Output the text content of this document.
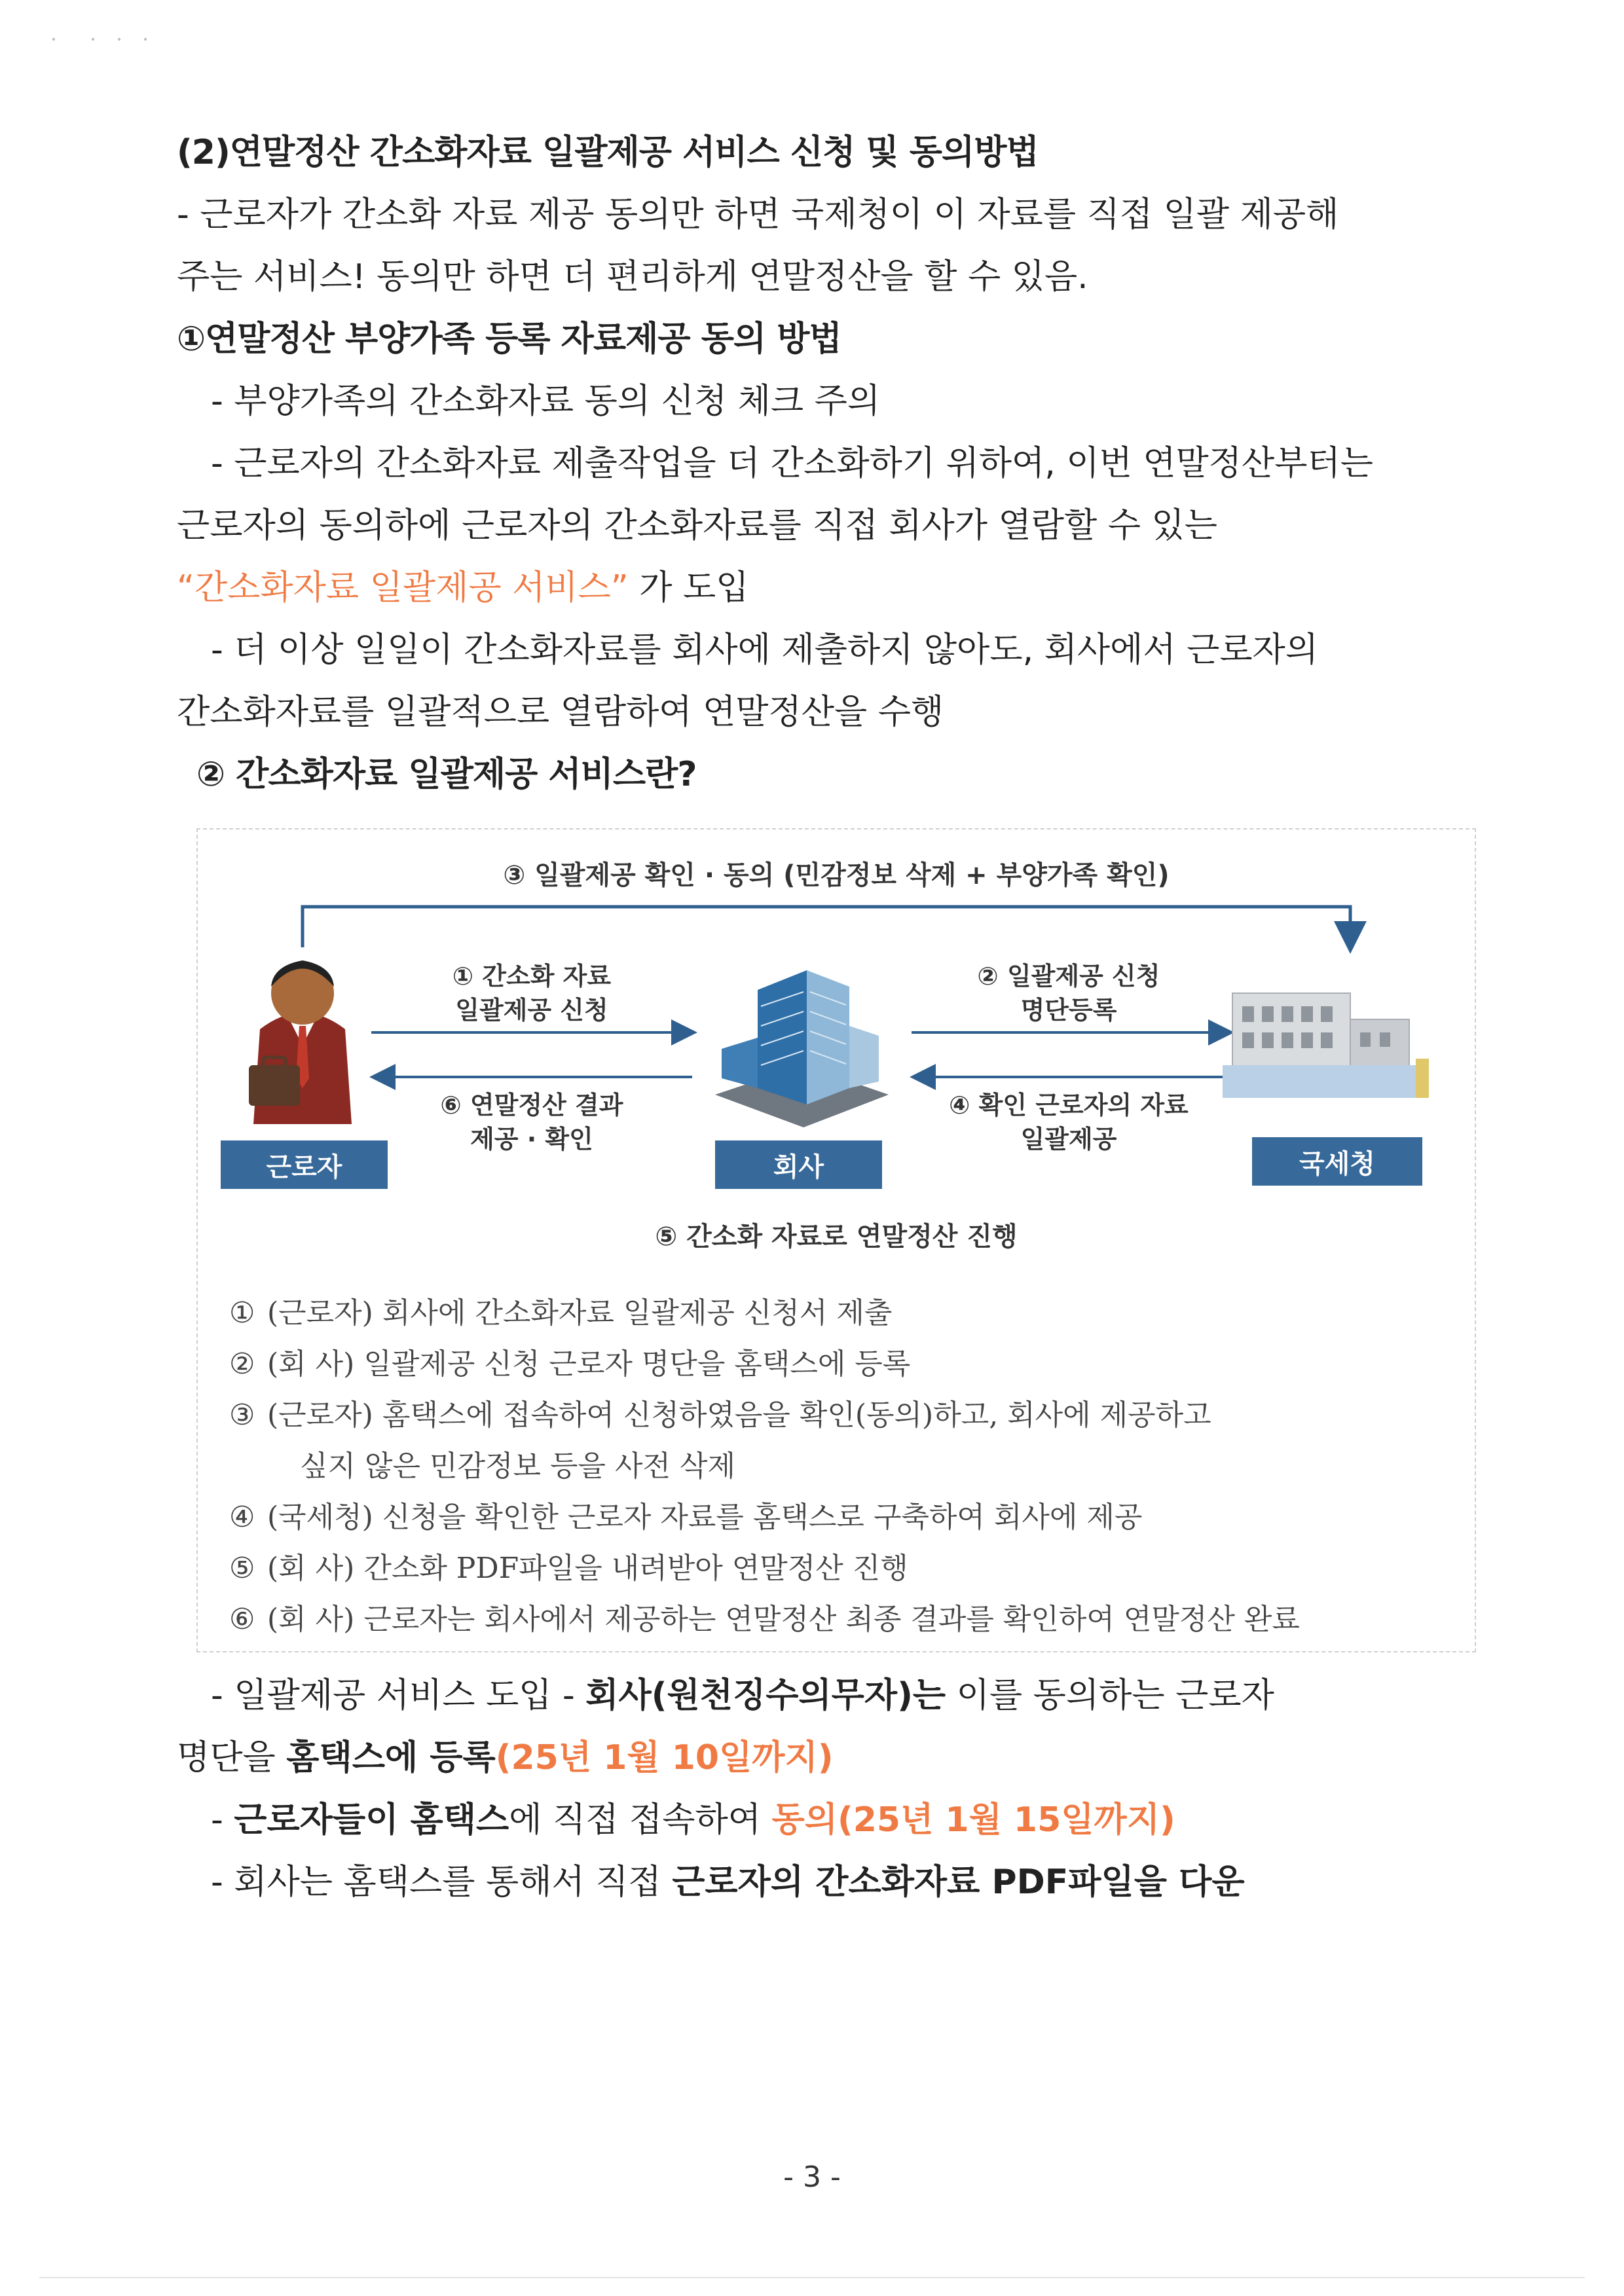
(2)연말정산 간소화자료 일괄제공 서비스 신청 및 동의방법
- 근로자가 간소화 자료 제공 동의만 하면 국제청이 이 자료를 직접 일괄 제공해
주는 서비스! 동의만 하면 더 편리하게 연말정산을 할 수 있음.
①연말정산 부양가족 등록 자료제공 동의 방법
- 부양가족의 간소화자료 동의 신청 체크 주의
- 근로자의 간소화자료 제출작업을 더 간소화하기 위하여, 이번 연말정산부터는
근로자의 동의하에 근로자의 간소화자료를 직접 회사가 열람할 수 있는
“간소화자료 일괄제공 서비스” 가 도입
- 더 이상 일일이 간소화자료를 회사에 제출하지 않아도, 회사에서 근로자의
간소화자료를 일괄적으로 열람하여 연말정산을 수행
② 간소화자료 일괄제공 서비스란?
③ 일괄제공 확인 · 동의 (민감정보 삭제 + 부양가족 확인)
① 간소화 자료
일괄제공 신청
⑥ 연말정산 결과
제공 · 확인
② 일괄제공 신청
명단등록
④ 확인 근로자의 자료
일괄제공
근로자	회사	국세청
⑤ 간소화 자료로 연말정산 진행
① (근로자) 회사에 간소화자료 일괄제공 신청서 제출
② (회 사) 일괄제공 신청 근로자 명단을 홈택스에 등록
③ (근로자) 홈택스에 접속하여 신청하였음을 확인(동의)하고, 회사에 제공하고
싶지 않은 민감정보 등을 사전 삭제
④ (국세청) 신청을 확인한 근로자 자료를 홈택스로 구축하여 회사에 제공
⑤ (회 사) 간소화 PDF파일을 내려받아 연말정산 진행
⑥ (회 사) 근로자는 회사에서 제공하는 연말정산 최종 결과를 확인하여 연말정산 완료
- 일괄제공 서비스 도입 - 회사(원천징수의무자)는 이를 동의하는 근로자
명단을 홈택스에 등록(25년 1월 10일까지)
- 근로자들이 홈택스에 직접 접속하여 동의(25년 1월 15일까지)
- 회사는 홈택스를 통해서 직접 근로자의 간소화자료 PDF파일을 다운
- 3 -
